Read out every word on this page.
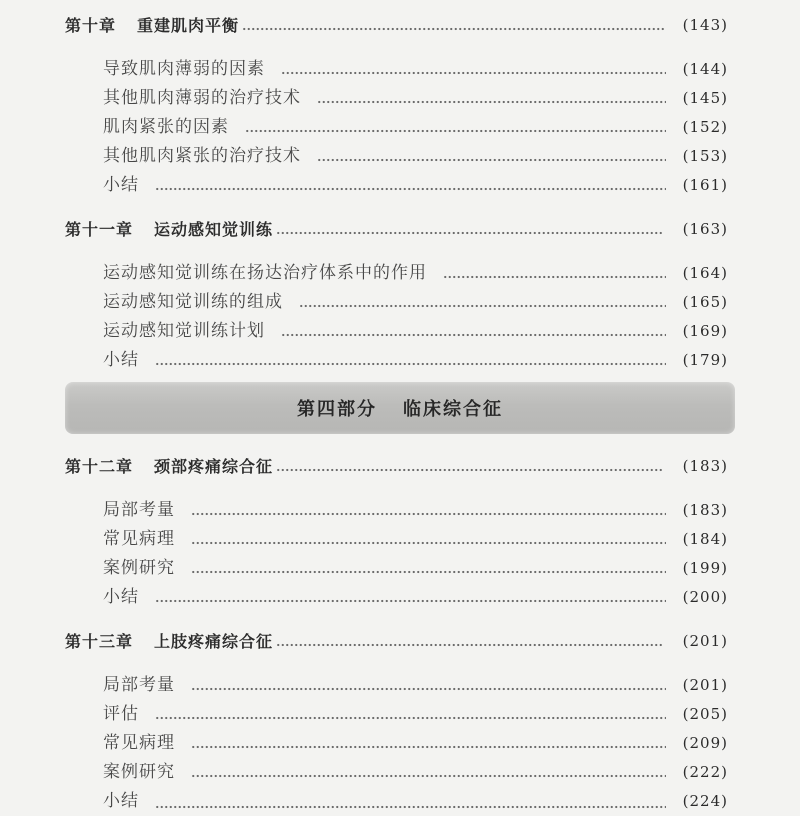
第十章 重建肌肉平衡	(143)
导致肌肉薄弱的因素	(144)
其他肌肉薄弱的治疗技术	(145)
肌肉紧张的因素	(152)
其他肌肉紧张的治疗技术	(153)
小结	(161)
第十一章 运动感知觉训练	(163)
运动感知觉训练在扬达治疗体系中的作用	(164)
运动感知觉训练的组成	(165)
运动感知觉训练计划	(169)
小结	(179)
第四部分 临床综合征
第十二章 颈部疼痛综合征	(183)
局部考量	(183)
常见病理	(184)
案例研究	(199)
小结	(200)
第十三章 上肢疼痛综合征	(201)
局部考量	(201)
评估	(205)
常见病理	(209)
案例研究	(222)
小结	(224)
